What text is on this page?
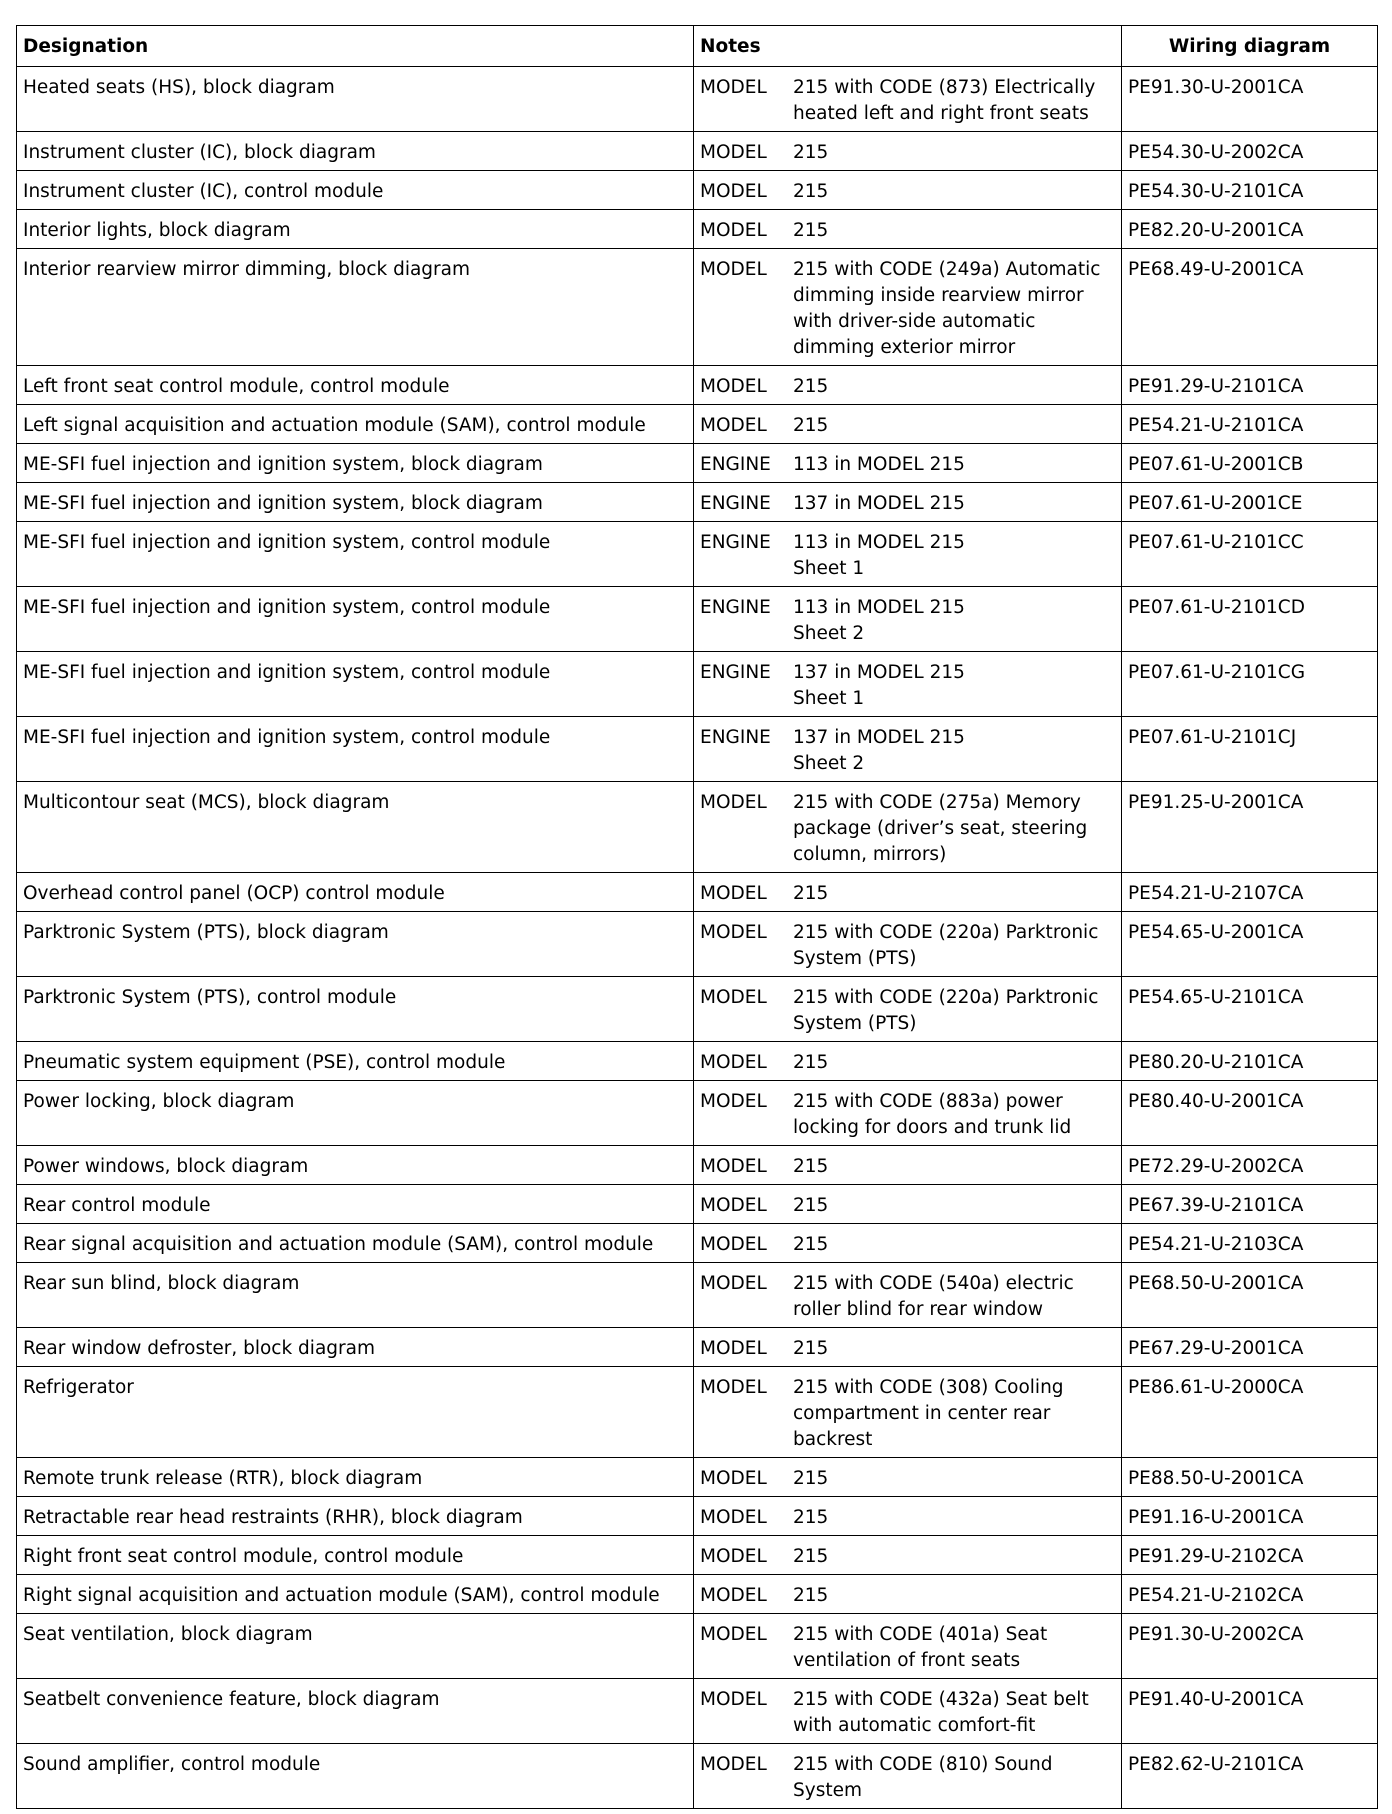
Designation	Notes	Wiring diagram
Heated seats (HS), block diagram	MODEL 215 with CODE (873) Electrically
heated left and right front seats	PE91.30-U-2001CA
Instrument cluster (IC), block diagram	MODEL 215	PE54.30-U-2002CA
Instrument cluster (IC), control module	MODEL 215	PE54.30-U-2101CA
Interior lights, block diagram	MODEL 215	PE82.20-U-2001CA
Interior rearview mirror dimming, block diagram	MODEL 215 with CODE (249a) Automatic
dimming inside rearview mirror
with driver-side automatic
dimming exterior mirror	PE68.49-U-2001CA
Left front seat control module, control module	MODEL 215	PE91.29-U-2101CA
Left signal acquisition and actuation module (SAM), control module	MODEL 215	PE54.21-U-2101CA
ME-SFI fuel injection and ignition system, block diagram	ENGINE 113 in MODEL 215	PE07.61-U-2001CB
ME-SFI fuel injection and ignition system, block diagram	ENGINE 137 in MODEL 215	PE07.61-U-2001CE
ME-SFI fuel injection and ignition system, control module	ENGINE 113 in MODEL 215
Sheet 1	PE07.61-U-2101CC
ME-SFI fuel injection and ignition system, control module	ENGINE 113 in MODEL 215
Sheet 2	PE07.61-U-2101CD
ME-SFI fuel injection and ignition system, control module	ENGINE 137 in MODEL 215
Sheet 1	PE07.61-U-2101CG
ME-SFI fuel injection and ignition system, control module	ENGINE 137 in MODEL 215
Sheet 2	PE07.61-U-2101CJ
Multicontour seat (MCS), block diagram	MODEL 215 with CODE (275a) Memory
package (driver’s seat, steering
column, mirrors)	PE91.25-U-2001CA
Overhead control panel (OCP) control module	MODEL 215	PE54.21-U-2107CA
Parktronic System (PTS), block diagram	MODEL 215 with CODE (220a) Parktronic
System (PTS)	PE54.65-U-2001CA
Parktronic System (PTS), control module	MODEL 215 with CODE (220a) Parktronic
System (PTS)	PE54.65-U-2101CA
Pneumatic system equipment (PSE), control module	MODEL 215	PE80.20-U-2101CA
Power locking, block diagram	MODEL 215 with CODE (883a) power
locking for doors and trunk lid	PE80.40-U-2001CA
Power windows, block diagram	MODEL 215	PE72.29-U-2002CA
Rear control module	MODEL 215	PE67.39-U-2101CA
Rear signal acquisition and actuation module (SAM), control module	MODEL 215	PE54.21-U-2103CA
Rear sun blind, block diagram	MODEL 215 with CODE (540a) electric
roller blind for rear window	PE68.50-U-2001CA
Rear window defroster, block diagram	MODEL 215	PE67.29-U-2001CA
Refrigerator	MODEL 215 with CODE (308) Cooling
compartment in center rear
backrest	PE86.61-U-2000CA
Remote trunk release (RTR), block diagram	MODEL 215	PE88.50-U-2001CA
Retractable rear head restraints (RHR), block diagram	MODEL 215	PE91.16-U-2001CA
Right front seat control module, control module	MODEL 215	PE91.29-U-2102CA
Right signal acquisition and actuation module (SAM), control module	MODEL 215	PE54.21-U-2102CA
Seat ventilation, block diagram	MODEL 215 with CODE (401a) Seat
ventilation of front seats	PE91.30-U-2002CA
Seatbelt convenience feature, block diagram	MODEL 215 with CODE (432a) Seat belt
with automatic comfort-fit	PE91.40-U-2001CA
Sound amplifier, control module	MODEL 215 with CODE (810) Sound
System	PE82.62-U-2101CA
